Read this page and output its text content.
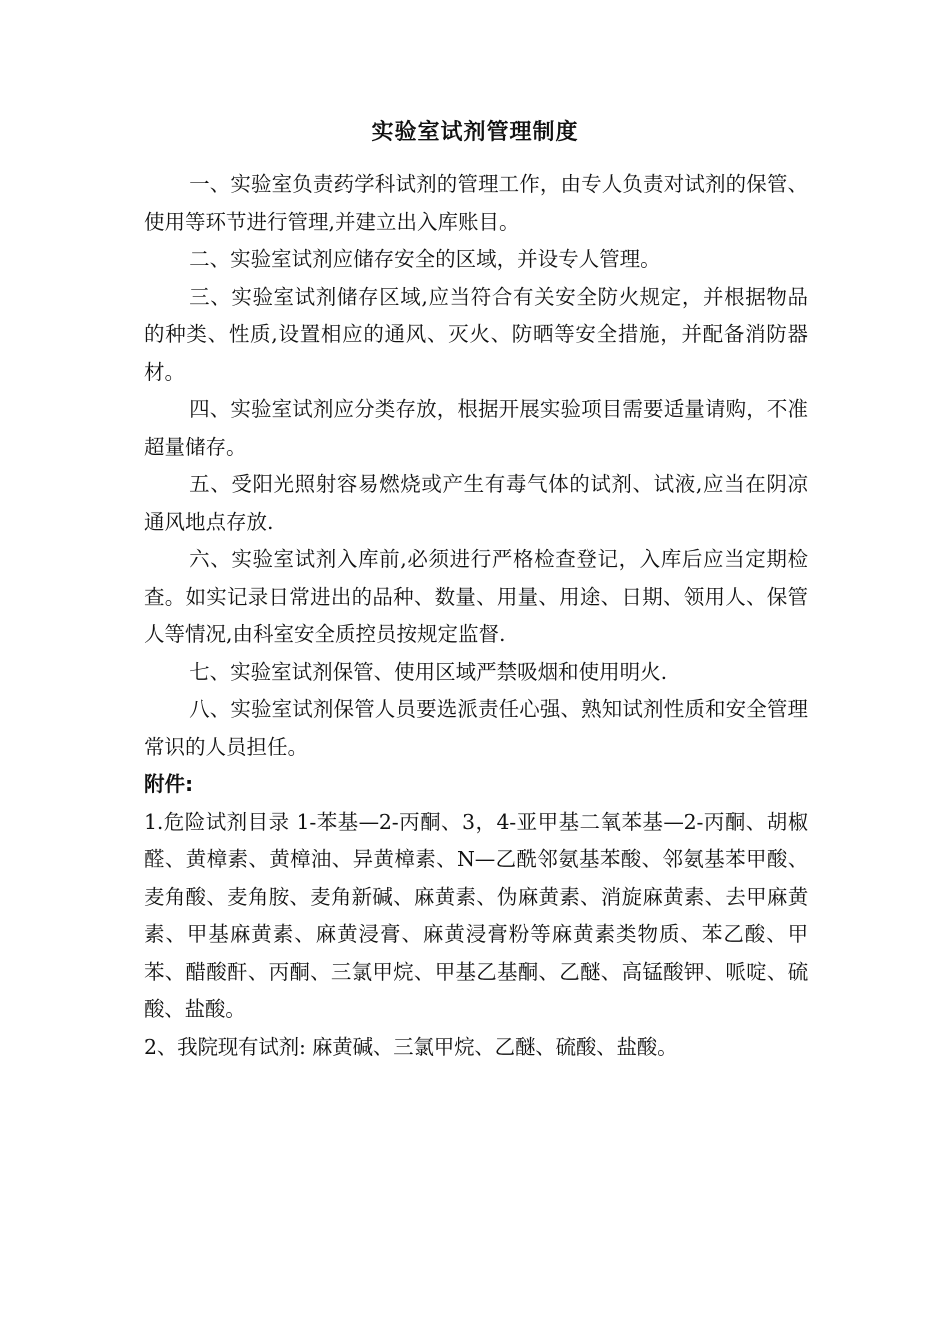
实验室试剂管理制度

一、实验室负责药学科试剂的管理工作，由专人负责对试剂的保管、使用等环节进行管理,并建立出入库账目。

二、实验室试剂应储存安全的区域，并设专人管理。

三、实验室试剂储存区域,应当符合有关安全防火规定，并根据物品的种类、性质,设置相应的通风、灭火、防晒等安全措施，并配备消防器材。

四、实验室试剂应分类存放，根据开展实验项目需要适量请购，不准超量储存。

五、受阳光照射容易燃烧或产生有毒气体的试剂、试液,应当在阴凉通风地点存放.

六、实验室试剂入库前,必须进行严格检查登记，入库后应当定期检查。如实记录日常进出的品种、数量、用量、用途、日期、领用人、保管人等情况,由科室安全质控员按规定监督.

七、实验室试剂保管、使用区域严禁吸烟和使用明火.

八、实验室试剂保管人员要选派责任心强、熟知试剂性质和安全管理常识的人员担任。

附件:

1.危险试剂目录 1-苯基—2-丙酮、3，4-亚甲基二氧苯基—2-丙酮、胡椒醛、黄樟素、黄樟油、异黄樟素、N—乙酰邻氨基苯酸、邻氨基苯甲酸、麦角酸、麦角胺、麦角新碱、麻黄素、伪麻黄素、消旋麻黄素、去甲麻黄素、甲基麻黄素、麻黄浸膏、麻黄浸膏粉等麻黄素类物质、苯乙酸、甲苯、醋酸酐、丙酮、三氯甲烷、甲基乙基酮、乙醚、高锰酸钾、哌啶、硫酸、盐酸。

2、我院现有试剂: 麻黄碱、三氯甲烷、乙醚、硫酸、盐酸。
